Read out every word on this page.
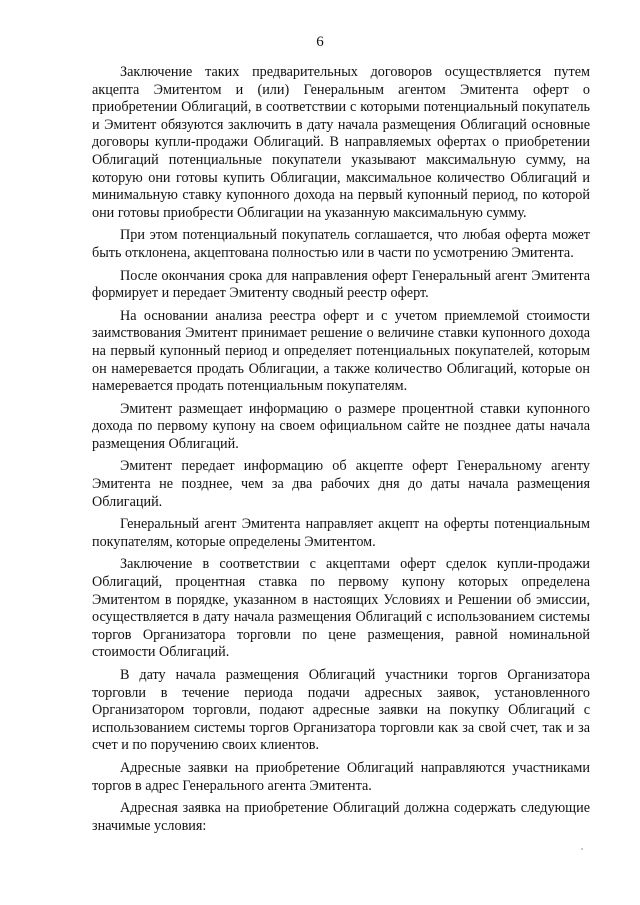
6

Заключение таких предварительных договоров осуществляется путем акцепта Эмитентом и (или) Генеральным агентом Эмитента оферт о приобретении Облигаций, в соответствии с которыми потенциальный покупатель и Эмитент обязуются заключить в дату начала размещения Облигаций основные договоры купли-продажи Облигаций. В направляемых офертах о приобретении Облигаций потенциальные покупатели указывают максимальную сумму, на которую они готовы купить Облигации, максимальное количество Облигаций и минимальную ставку купонного дохода на первый купонный период, по которой они готовы приобрести Облигации на указанную максимальную сумму.

При этом потенциальный покупатель соглашается, что любая оферта может быть отклонена, акцептована полностью или в части по усмотрению Эмитента.

После окончания срока для направления оферт Генеральный агент Эмитента формирует и передает Эмитенту сводный реестр оферт.

На основании анализа реестра оферт и с учетом приемлемой стоимости заимствования Эмитент принимает решение о величине ставки купонного дохода на первый купонный период и определяет потенциальных покупателей, которым он намеревается продать Облигации, а также количество Облигаций, которые он намеревается продать потенциальным покупателям.

Эмитент размещает информацию о размере процентной ставки купонного дохода по первому купону на своем официальном сайте не позднее даты начала размещения Облигаций.

Эмитент передает информацию об акцепте оферт Генеральному агенту Эмитента не позднее, чем за два рабочих дня до даты начала размещения Облигаций.

Генеральный агент Эмитента направляет акцепт на оферты потенциальным покупателям, которые определены Эмитентом.

Заключение в соответствии с акцептами оферт сделок купли-продажи Облигаций, процентная ставка по первому купону которых определена Эмитентом в порядке, указанном в настоящих Условиях и Решении об эмиссии, осуществляется в дату начала размещения Облигаций с использованием системы торгов Организатора торговли по цене размещения, равной номинальной стоимости Облигаций.

В дату начала размещения Облигаций участники торгов Организатора торговли в течение периода подачи адресных заявок, установленного Организатором торговли, подают адресные заявки на покупку Облигаций с использованием системы торгов Организатора торговли как за свой счет, так и за счет и по поручению своих клиентов.

Адресные заявки на приобретение Облигаций направляются участниками торгов в адрес Генерального агента Эмитента.

Адресная заявка на приобретение Облигаций должна содержать следующие значимые условия:
